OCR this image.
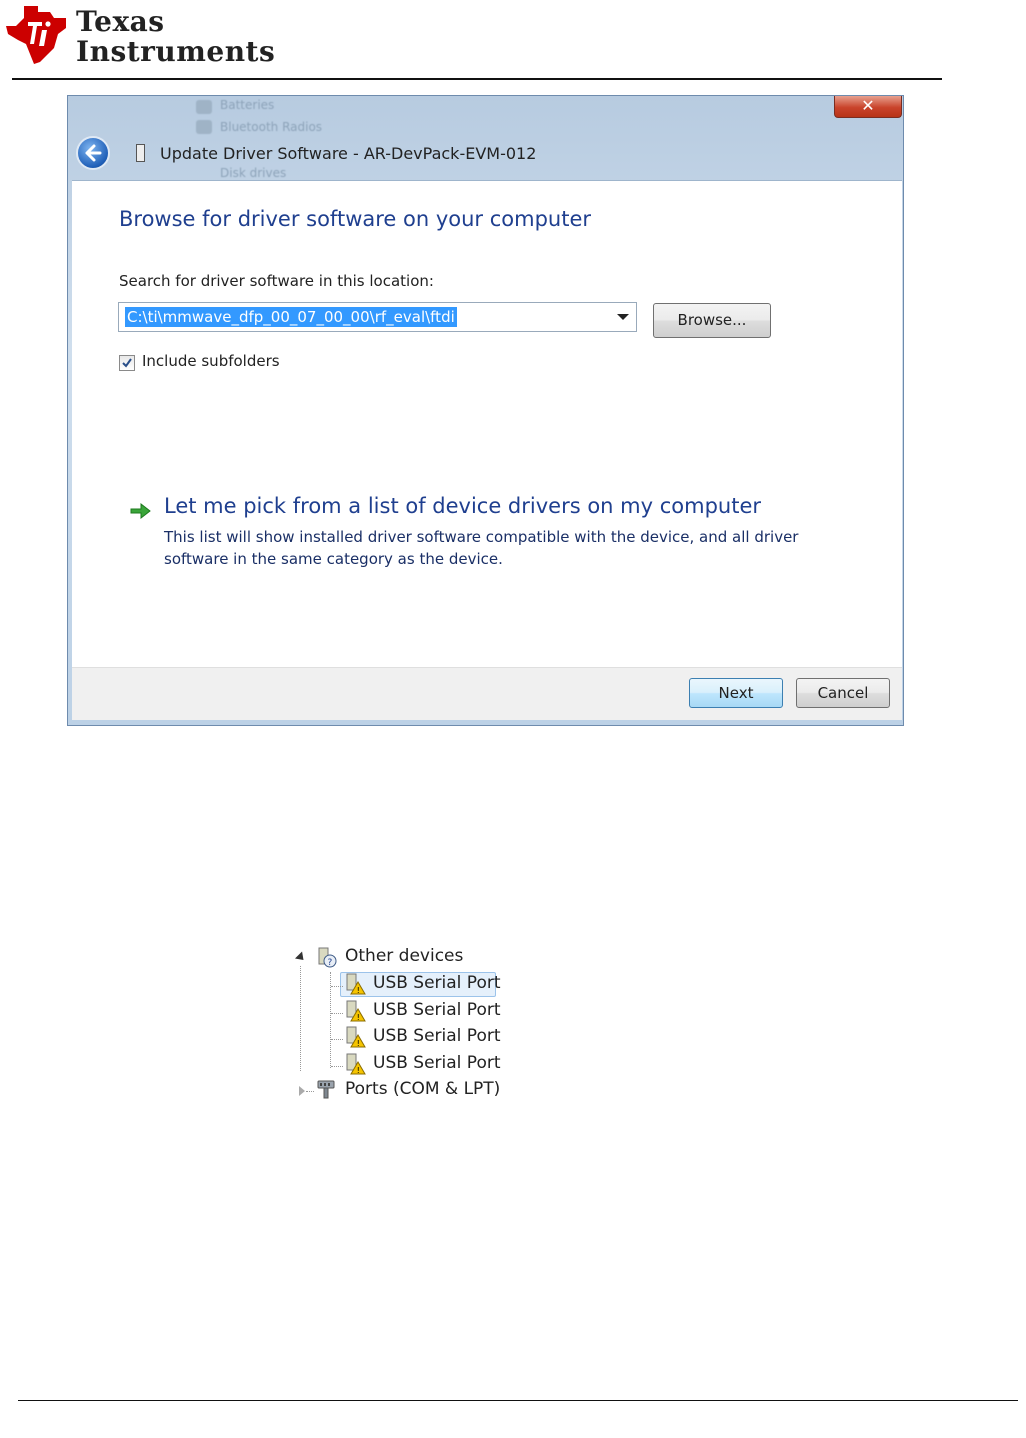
Texas
Instruments
Batteries
Bluetooth Radios
Disk drives
✕
Update Driver Software - AR-DevPack-EVM-012
Browse for driver software on your computer
Search for driver software in this location:
C:\ti\mmwave_dfp_00_07_00_00\rf_eval\ftdi	Browse...
Include subfolders
Let me pick from a list of device drivers on my computer
This list will show installed driver software compatible with the device, and all driver software in the same category as the device.
Next	Cancel
? Other devices
! USB Serial Port
! USB Serial Port
! USB Serial Port
! USB Serial Port
Ports (COM & LPT)
